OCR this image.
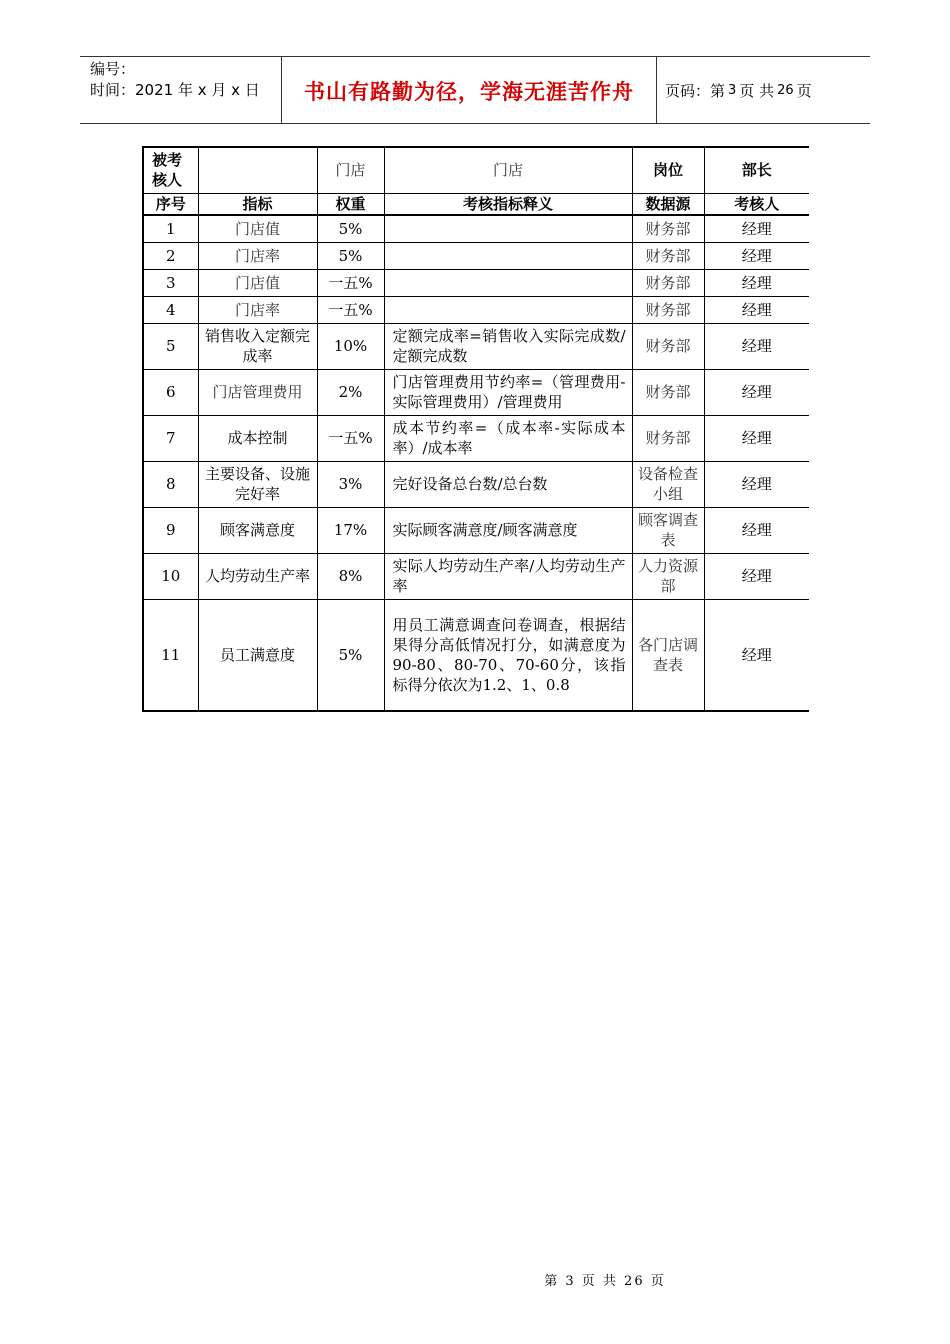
编号：
时间：2021 年 x 月 x 日	书山有路勤为径，学海无涯苦作舟	页码：第 3 页 共 26 页
被考核人		门店	门店	岗位	部长
序号	指标	权重	考核指标释义	数据源	考核人
1	门店值	5%		财务部	经理
2	门店率	5%		财务部	经理
3	门店值	一五%		财务部	经理
4	门店率	一五%		财务部	经理
5	销售收入定额完成率	10%	定额完成率=销售收入实际完成数/定额完成数	财务部	经理
6	门店管理费用	2%	门店管理费用节约率=（管理费用-实际管理费用）/管理费用	财务部	经理
7	成本控制	一五%	成本节约率=（成本率-实际成本率）/成本率	财务部	经理
8	主要设备、设施完好率	3%	完好设备总台数/总台数	设备检查小组	经理
9	顾客满意度	17%	实际顾客满意度/顾客满意度	顾客调查表	经理
10	人均劳动生产率	8%	实际人均劳动生产率/人均劳动生产率	人力资源部	经理
11	员工满意度	5%	用员工满意调查问卷调查，根据结果得分高低情况打分，如满意度为90-80、80-70、70-60分，该指标得分依次为1.2、1、0.8	各门店调查表	经理
第 3 页 共 26 页
